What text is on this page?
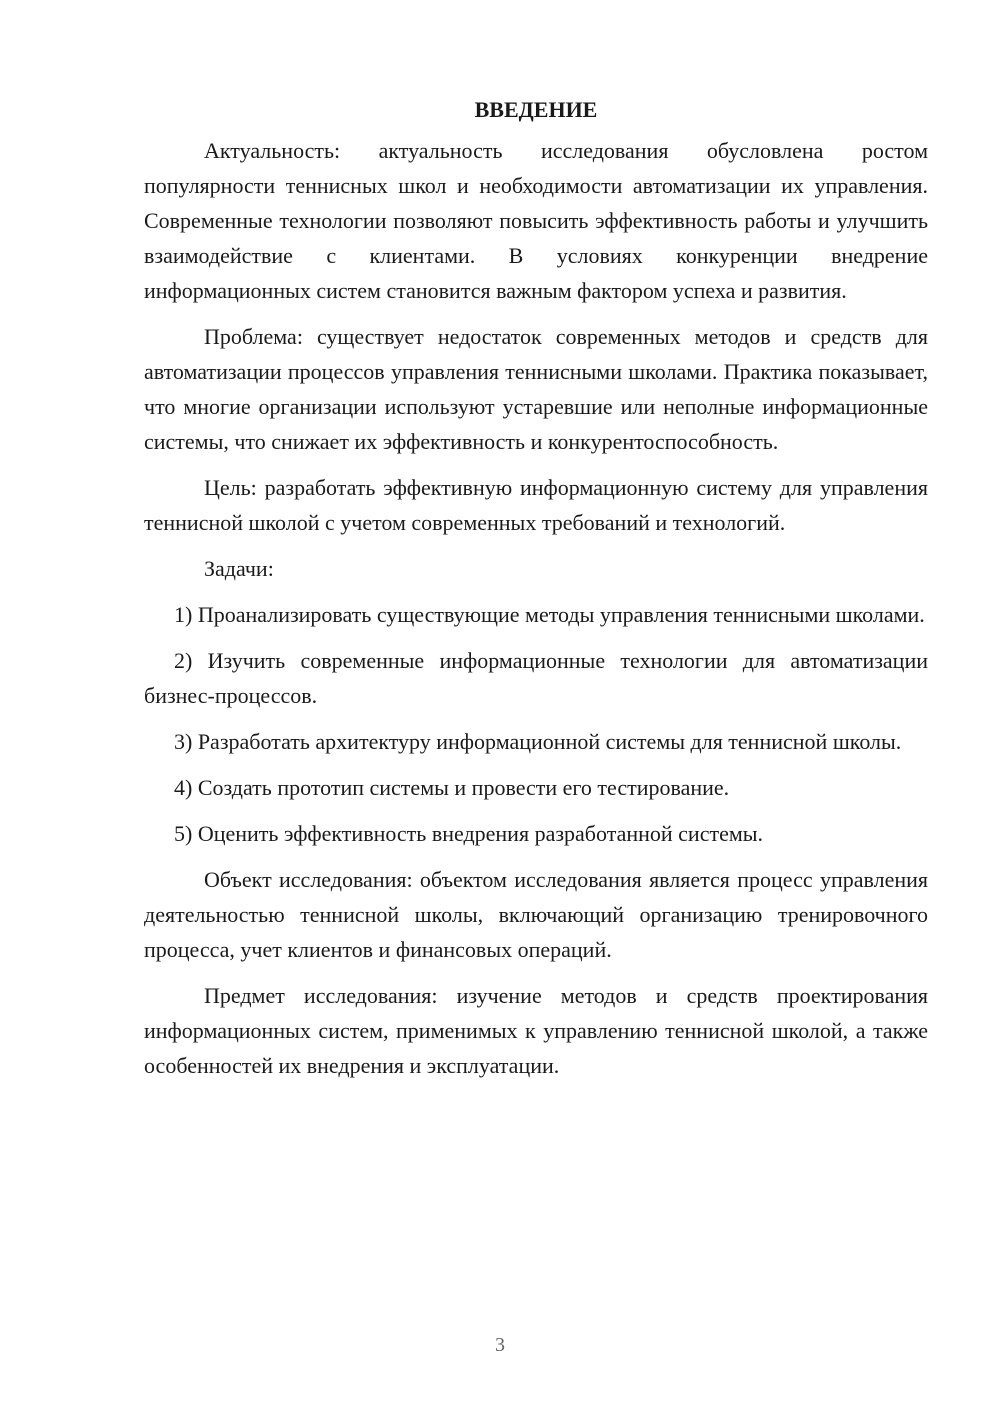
ВВЕДЕНИЕ

Актуальность: актуальность исследования обусловлена ростом популярности теннисных школ и необходимости автоматизации их управления. Современные технологии позволяют повысить эффективность работы и улучшить взаимодействие с клиентами. В условиях конкуренции внедрение информационных систем становится важным фактором успеха и развития.

Проблема: существует недостаток современных методов и средств для автоматизации процессов управления теннисными школами. Практика показывает, что многие организации используют устаревшие или неполные информационные системы, что снижает их эффективность и конкурентоспособность.

Цель: разработать эффективную информационную систему для управления теннисной школой с учетом современных требований и технологий.

Задачи:

1) Проанализировать существующие методы управления теннисными школами.

2) Изучить современные информационные технологии для автоматизации бизнес-процессов.

3) Разработать архитектуру информационной системы для теннисной школы.

4) Создать прототип системы и провести его тестирование.

5) Оценить эффективность внедрения разработанной системы.

Объект исследования: объектом исследования является процесс управления деятельностью теннисной школы, включающий организацию тренировочного процесса, учет клиентов и финансовых операций.

Предмет исследования: изучение методов и средств проектирования информационных систем, применимых к управлению теннисной школой, а также особенностей их внедрения и эксплуатации.

3
